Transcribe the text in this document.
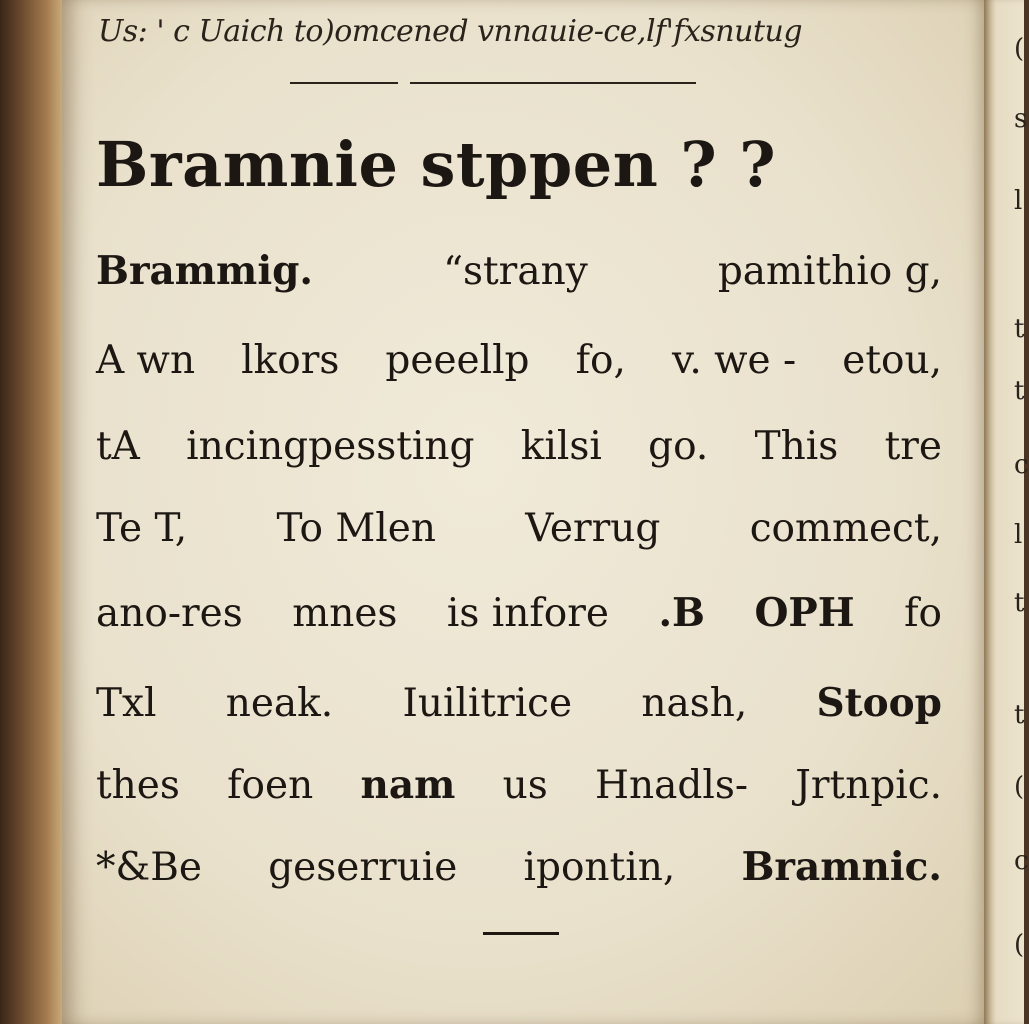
(
s
l
t
t
c
l
t
t
(
c
(
Us: ' c Uaich to)omcened vnnauie-ce,lf'fxsnutug
Bramnie stppen ? ?
Brammig.	“strany	pamithio g,
A wn lkors peeellp fo, v. we - etou,
tA incingpessting kilsi go. This tre
Te T, To Mlen Verrug commect,
ano-res mnes is infore .B OPH fo
Txl neak. Iuilitrice nash, Stoop
thes foen nam us Hnadls- Jrtnpic.
*&Be geserruie ipontin, Bramnic.
